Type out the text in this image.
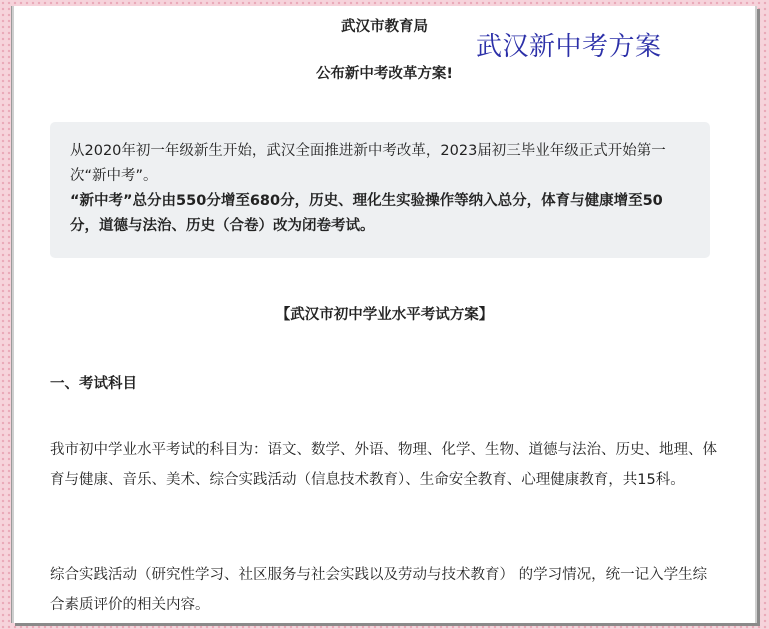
武汉市教育局
公布新中考改革方案!
武汉新中考方案
从2020年初一年级新生开始，武汉全面推进新中考改革，2023届初三毕业年级正式开始第一次“新中考”。
“新中考”总分由550分增至680分，历史、理化生实验操作等纳入总分，体育与健康增至50分，道德与法治、历史（合卷）改为闭卷考试。
【武汉市初中学业水平考试方案】
一、考试科目
我市初中学业水平考试的科目为：语文、数学、外语、物理、化学、生物、道德与法治、历史、地理、体育与健康、音乐、美术、综合实践活动（信息技术教育）、生命安全教育、心理健康教育，共15科。
综合实践活动（研究性学习、社区服务与社会实践以及劳动与技术教育） 的学习情况，统一记入学生综合素质评价的相关内容。
